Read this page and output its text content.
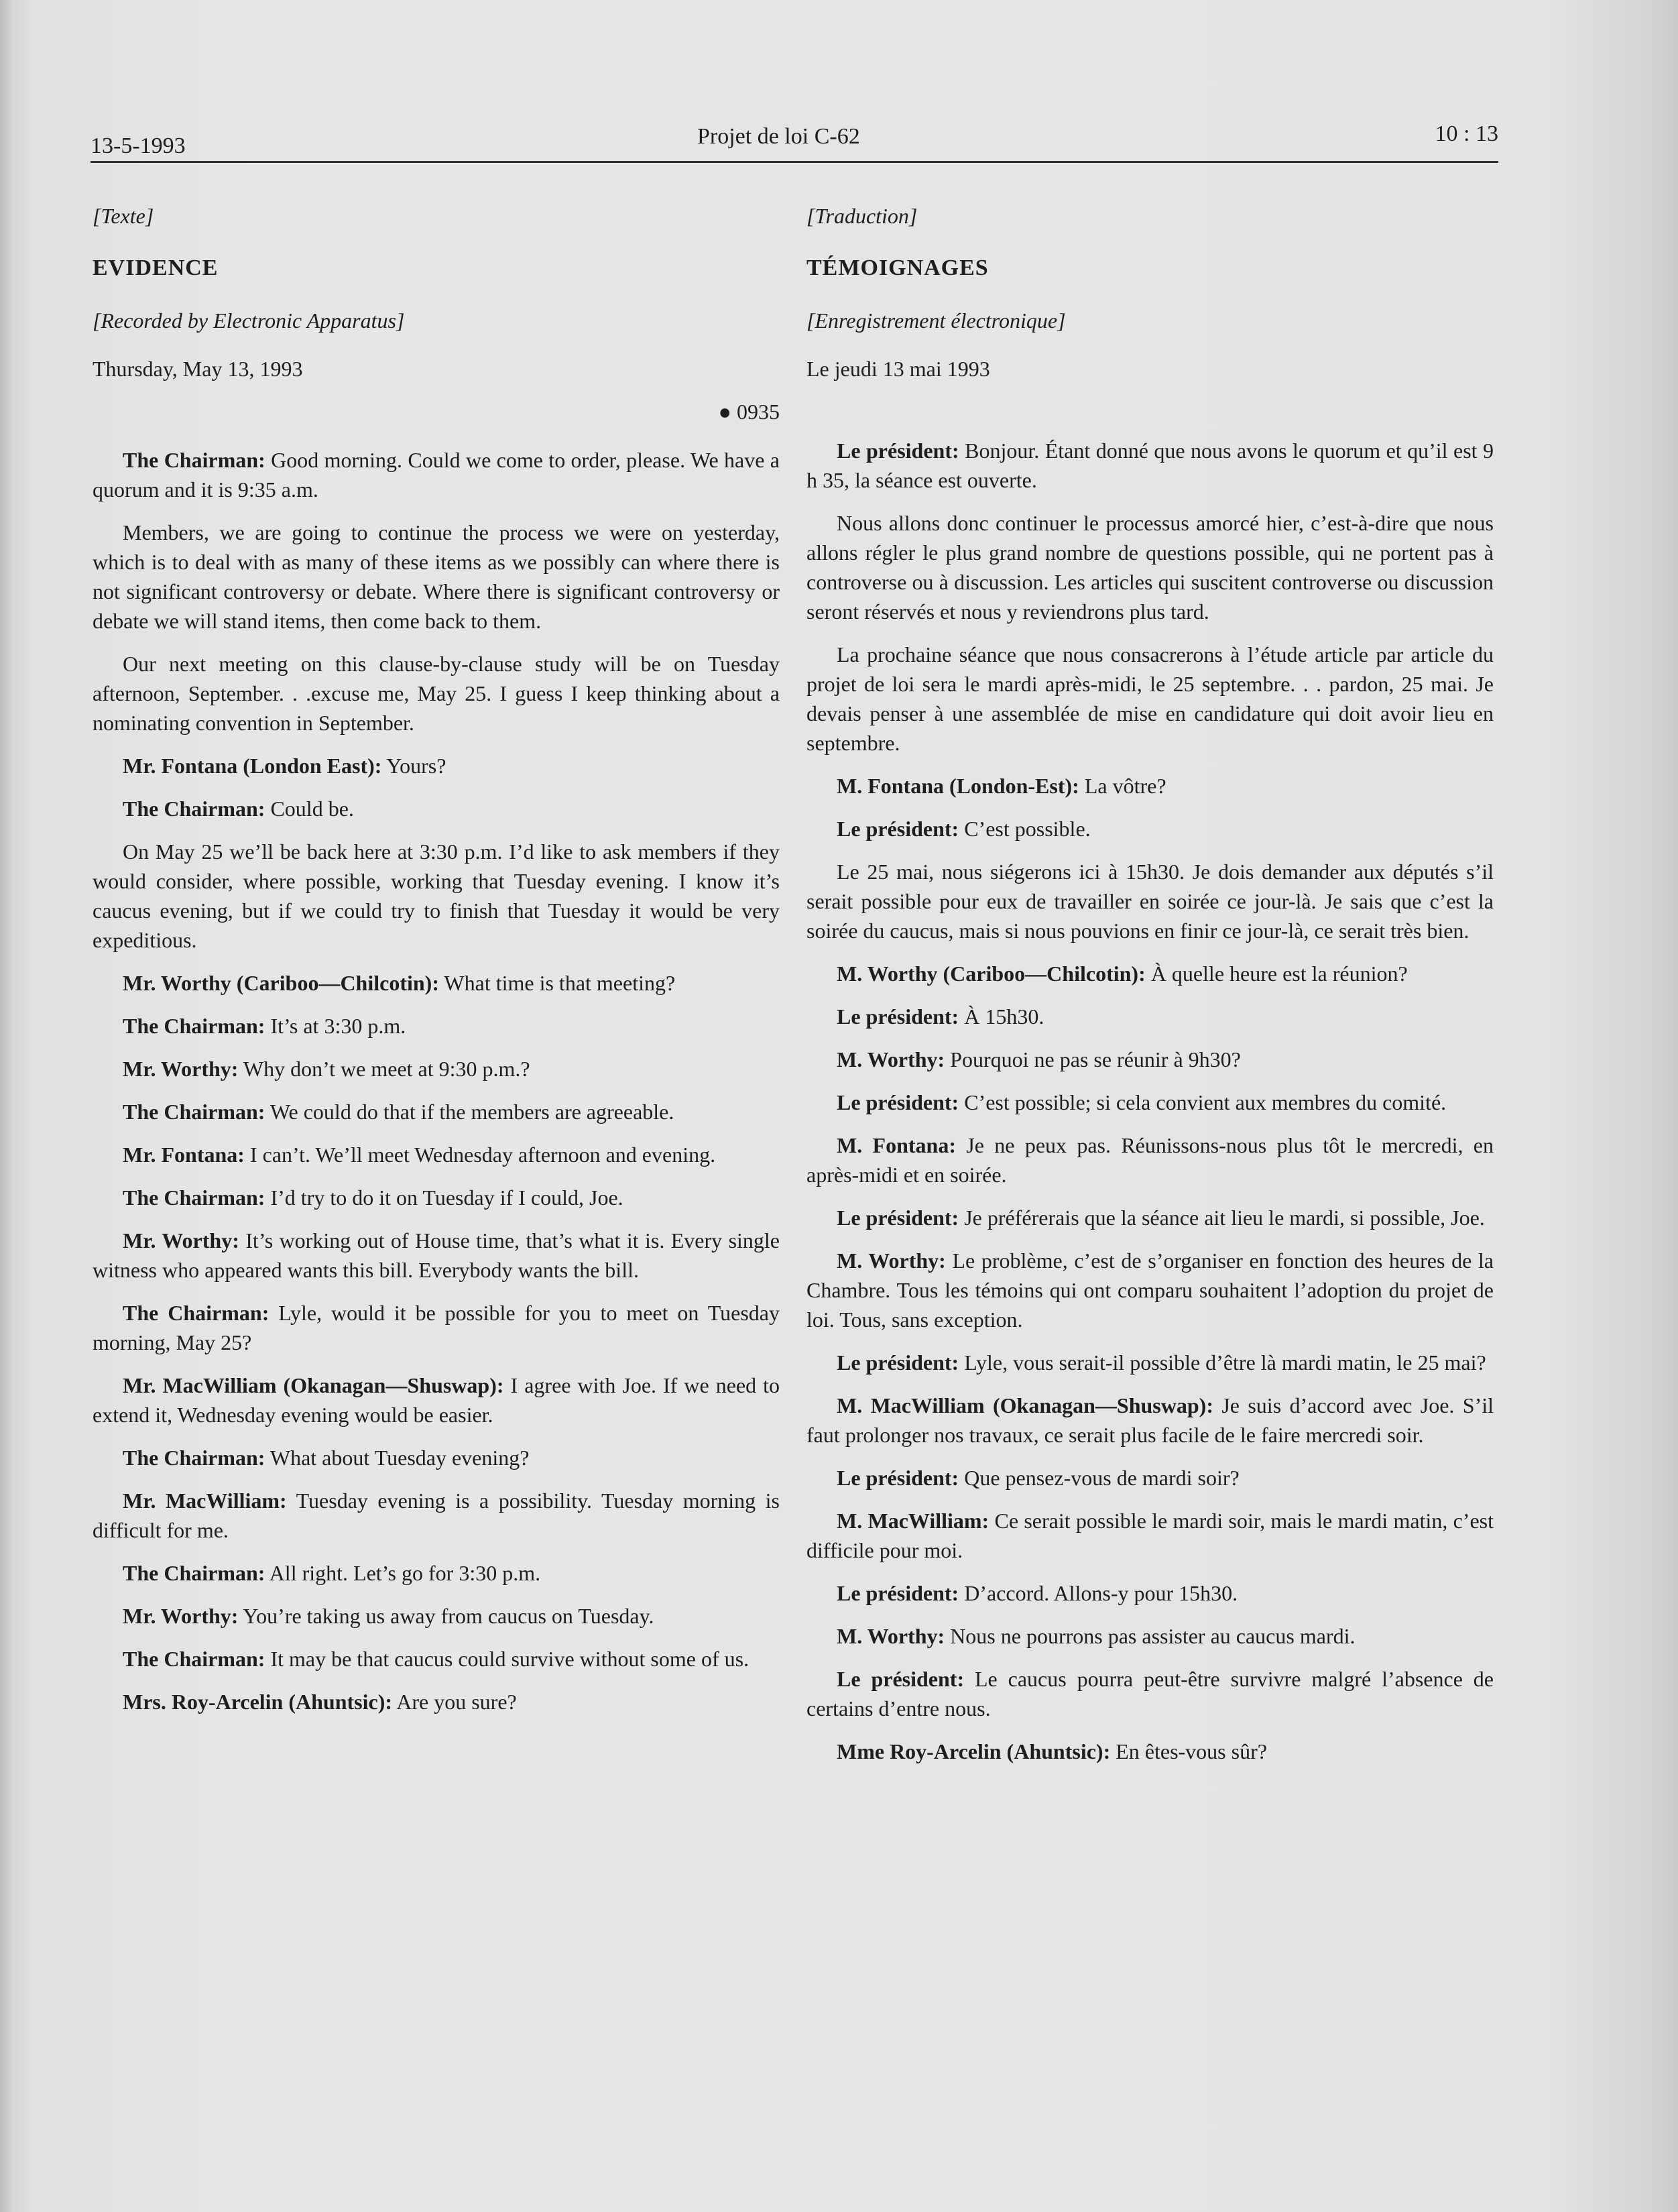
13-5-1993	Projet de loi C-62	10 : 13

[Texte]

EVIDENCE

[Recorded by Electronic Apparatus]

Thursday, May 13, 1993

● 0935

The Chairman: Good morning. Could we come to order, please. We have a quorum and it is 9:35 a.m.

Members, we are going to continue the process we were on yesterday, which is to deal with as many of these items as we possibly can where there is not significant controversy or debate. Where there is significant controversy or debate we will stand items, then come back to them.

Our next meeting on this clause-by-clause study will be on Tuesday afternoon, September. . .excuse me, May 25. I guess I keep thinking about a nominating convention in September.

Mr. Fontana (London East): Yours?

The Chairman: Could be.

On May 25 we’ll be back here at 3:30 p.m. I’d like to ask members if they would consider, where possible, working that Tuesday evening. I know it’s caucus evening, but if we could try to finish that Tuesday it would be very expeditious.

Mr. Worthy (Cariboo—Chilcotin): What time is that meeting?

The Chairman: It’s at 3:30 p.m.

Mr. Worthy: Why don’t we meet at 9:30 p.m.?

The Chairman: We could do that if the members are agreeable.

Mr. Fontana: I can’t. We’ll meet Wednesday afternoon and evening.

The Chairman: I’d try to do it on Tuesday if I could, Joe.

Mr. Worthy: It’s working out of House time, that’s what it is. Every single witness who appeared wants this bill. Everybody wants the bill.

The Chairman: Lyle, would it be possible for you to meet on Tuesday morning, May 25?

Mr. MacWilliam (Okanagan—Shuswap): I agree with Joe. If we need to extend it, Wednesday evening would be easier.

The Chairman: What about Tuesday evening?

Mr. MacWilliam: Tuesday evening is a possibility. Tuesday morning is difficult for me.

The Chairman: All right. Let’s go for 3:30 p.m.

Mr. Worthy: You’re taking us away from caucus on Tuesday.

The Chairman: It may be that caucus could survive without some of us.

Mrs. Roy-Arcelin (Ahuntsic): Are you sure?

[Traduction]

TÉMOIGNAGES

[Enregistrement électronique]

Le jeudi 13 mai 1993

Le président: Bonjour. Étant donné que nous avons le quorum et qu’il est 9 h 35, la séance est ouverte.

Nous allons donc continuer le processus amorcé hier, c’est-à-dire que nous allons régler le plus grand nombre de questions possible, qui ne portent pas à controverse ou à discussion. Les articles qui suscitent controverse ou discussion seront réservés et nous y reviendrons plus tard.

La prochaine séance que nous consacrerons à l’étude article par article du projet de loi sera le mardi après-midi, le 25 septembre. . . pardon, 25 mai. Je devais penser à une assemblée de mise en candidature qui doit avoir lieu en septembre.

M. Fontana (London-Est): La vôtre?

Le président: C’est possible.

Le 25 mai, nous siégerons ici à 15h30. Je dois demander aux députés s’il serait possible pour eux de travailler en soirée ce jour-là. Je sais que c’est la soirée du caucus, mais si nous pouvions en finir ce jour-là, ce serait très bien.

M. Worthy (Cariboo—Chilcotin): À quelle heure est la réunion?

Le président: À 15h30.

M. Worthy: Pourquoi ne pas se réunir à 9h30?

Le président: C’est possible; si cela convient aux membres du comité.

M. Fontana: Je ne peux pas. Réunissons-nous plus tôt le mercredi, en après-midi et en soirée.

Le président: Je préférerais que la séance ait lieu le mardi, si possible, Joe.

M. Worthy: Le problème, c’est de s’organiser en fonction des heures de la Chambre. Tous les témoins qui ont comparu souhaitent l’adoption du projet de loi. Tous, sans exception.

Le président: Lyle, vous serait-il possible d’être là mardi matin, le 25 mai?

M. MacWilliam (Okanagan—Shuswap): Je suis d’accord avec Joe. S’il faut prolonger nos travaux, ce serait plus facile de le faire mercredi soir.

Le président: Que pensez-vous de mardi soir?

M. MacWilliam: Ce serait possible le mardi soir, mais le mardi matin, c’est difficile pour moi.

Le président: D’accord. Allons-y pour 15h30.

M. Worthy: Nous ne pourrons pas assister au caucus mardi.

Le président: Le caucus pourra peut-être survivre malgré l’absence de certains d’entre nous.

Mme Roy-Arcelin (Ahuntsic): En êtes-vous sûr?
